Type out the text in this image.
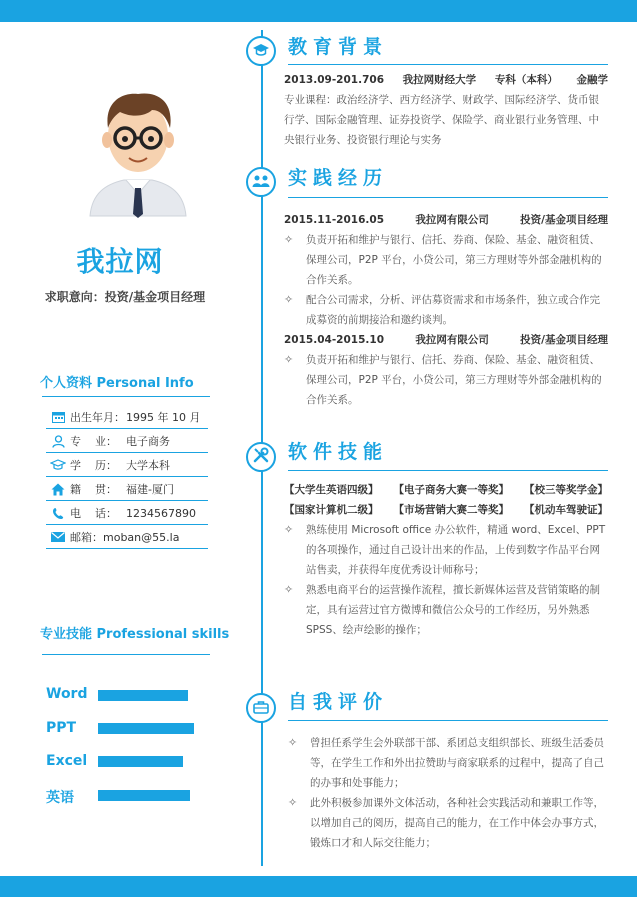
我拉网
求职意向：投资/基金项目经理
个人资料 Personal Info
出生年月： 1995 年 10 月
专    业： 电子商务
学    历： 大学本科
籍    贯： 福建-厦门
电    话： 1234567890
邮箱： moban@55.la
专业技能 Professional skills
Word
PPT
Excel
英语
教育背景
2013.09-201.706 我拉网财经大学 专科（本科） 金融学
专业课程：政治经济学、西方经济学、财政学、国际经济学、货币银行学、国际金融管理、证券投资学、保险学、商业银行业务管理、中央银行业务、投资银行理论与实务
实践经历
2015.11-2016.05	我拉网有限公司	投资/基金项目经理
✧ 负责开拓和维护与银行、信托、券商、保险、基金、融资租赁、保理公司，P2P 平台，小贷公司，第三方理财等外部金融机构的合作关系。
✧ 配合公司需求，分析、评估募资需求和市场条件，独立或合作完成募资的前期接洽和邀约谈判。
2015.04-2015.10	我拉网有限公司	投资/基金项目经理
✧ 负责开拓和维护与银行、信托、券商、保险、基金、融资租赁、保理公司，P2P 平台，小贷公司，第三方理财等外部金融机构的合作关系。
软件技能
【大学生英语四级】 【电子商务大赛一等奖】 【校三等奖学金】
【国家计算机二级】 【市场营销大赛二等奖】 【机动车驾驶证】
✧ 熟练使用 Microsoft office 办公软件，精通 word、Excel、PPT 的各项操作，通过自己设计出来的作品，上传到数字作品平台网站售卖，并获得年度优秀设计师称号；
✧ 熟悉电商平台的运营操作流程，擅长新媒体运营及营销策略的制定，具有运营过官方微博和微信公众号的工作经历，另外熟悉 SPSS、绘声绘影的操作；
自我评价
✧ 曾担任系学生会外联部干部、系团总支组织部长、班级生活委员等，在学生工作和外出拉赞助与商家联系的过程中，提高了自己的办事和处事能力；
✧ 此外积极参加课外文体活动，各种社会实践活动和兼职工作等，以增加自己的阅历，提高自己的能力，在工作中体会办事方式，锻炼口才和人际交往能力；
